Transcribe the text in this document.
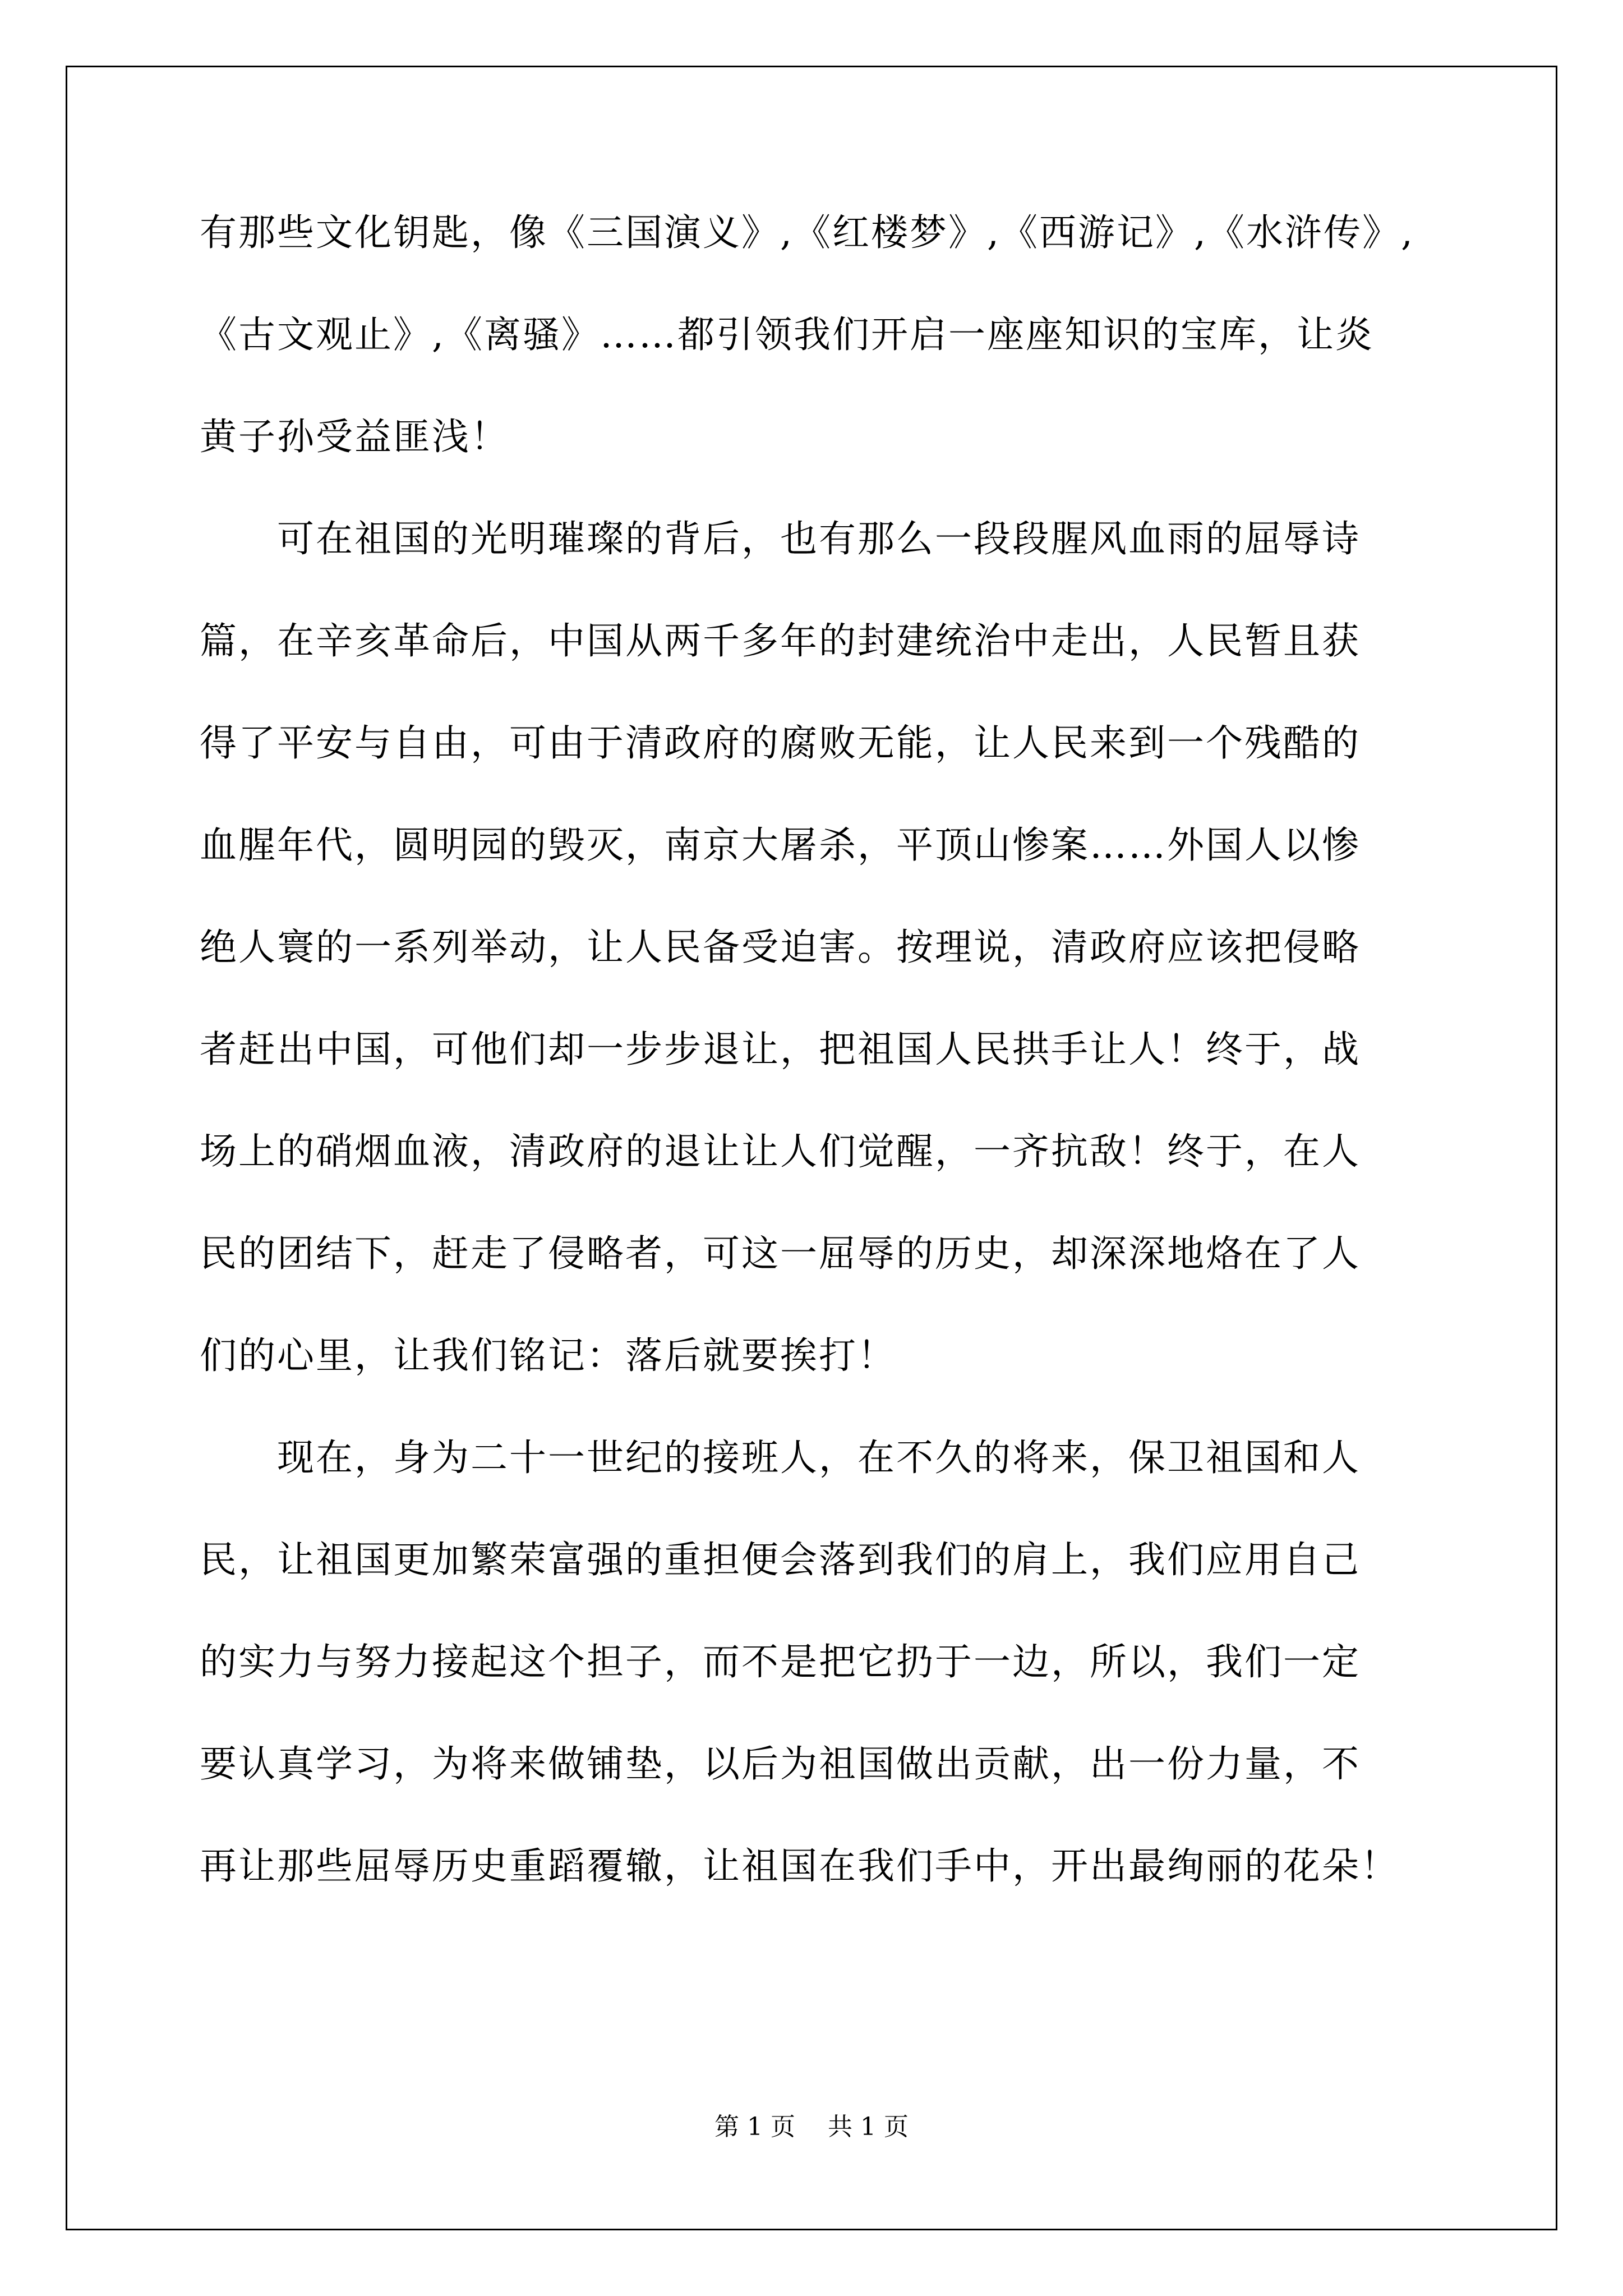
有那些文化钥匙，像《三国演义》,《红楼梦》,《西游记》,《水浒传》,
《古文观止》,《离骚》……都引领我们开启一座座知识的宝库，让炎
黄子孙受益匪浅！
　　可在祖国的光明璀璨的背后，也有那么一段段腥风血雨的屈辱诗
篇，在辛亥革命后，中国从两千多年的封建统治中走出，人民暂且获
得了平安与自由，可由于清政府的腐败无能，让人民来到一个残酷的
血腥年代，圆明园的毁灭，南京大屠杀，平顶山惨案……外国人以惨
绝人寰的一系列举动，让人民备受迫害。按理说，清政府应该把侵略
者赶出中国，可他们却一步步退让，把祖国人民拱手让人！终于，战
场上的硝烟血液，清政府的退让让人们觉醒，一齐抗敌！终于，在人
民的团结下，赶走了侵略者，可这一屈辱的历史，却深深地烙在了人
们的心里，让我们铭记：落后就要挨打！
　　现在，身为二十一世纪的接班人，在不久的将来，保卫祖国和人
民，让祖国更加繁荣富强的重担便会落到我们的肩上，我们应用自己
的实力与努力接起这个担子，而不是把它扔于一边，所以，我们一定
要认真学习，为将来做铺垫，以后为祖国做出贡献，出一份力量，不
再让那些屈辱历史重蹈覆辙，让祖国在我们手中，开出最绚丽的花朵！
第 1 页　 共 1 页
